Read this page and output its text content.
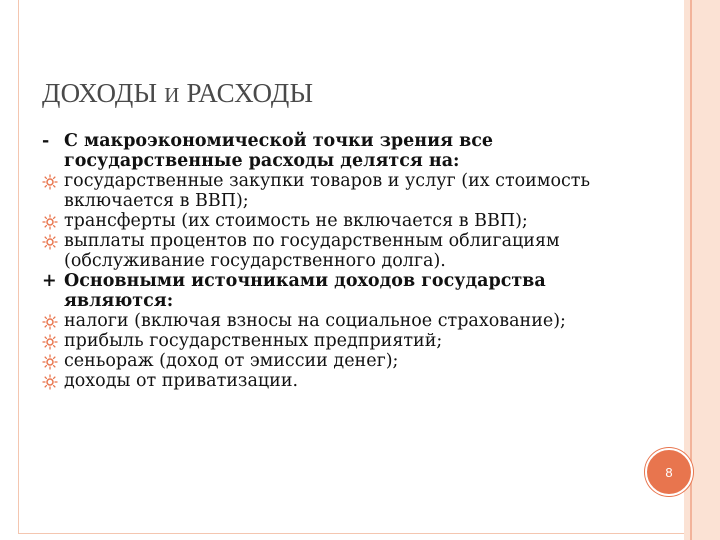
ДОХОДЫ И РАСХОДЫ
- С макроэкономической точки зрения все государственные расходы делятся на:
государственные закупки товаров и услуг (их стоимость включается в ВВП);
трансферты (их стоимость не включается в ВВП);
выплаты процентов по государственным облигациям (обслуживание государственного долга).
+ Основными источниками доходов государства являются:
налоги (включая взносы на социальное страхование);
прибыль государственных предприятий;
сеньораж (доход от эмиссии денег);
доходы от приватизации.
8
